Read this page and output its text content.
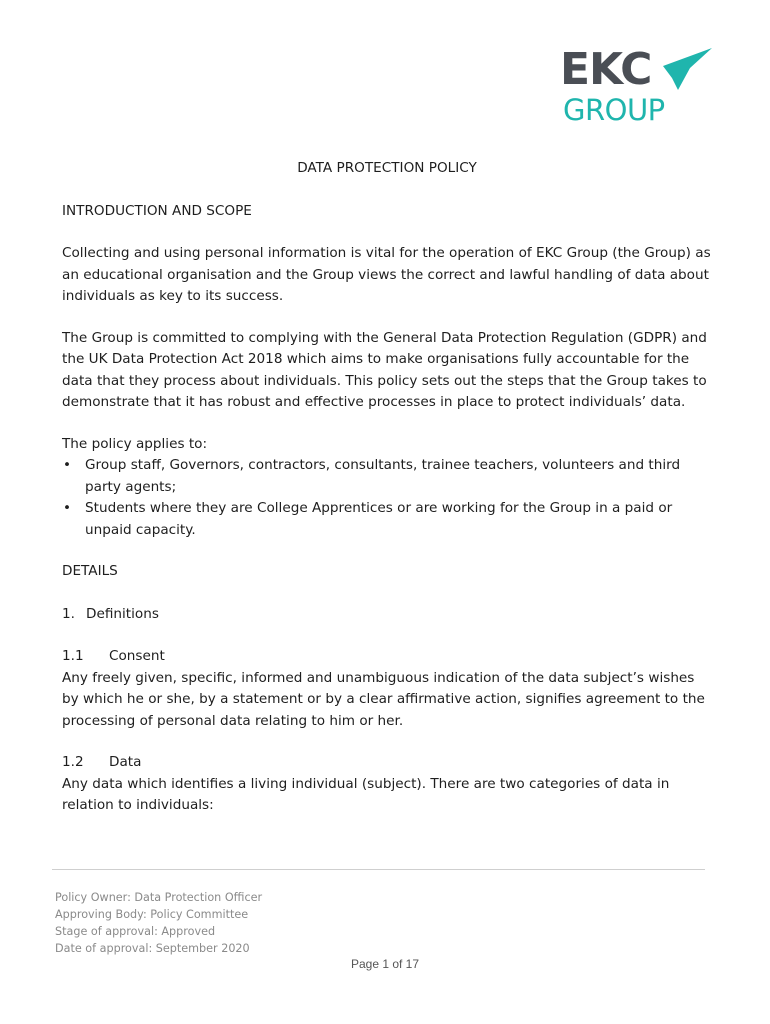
EKC
GROUP
DATA PROTECTION POLICY
INTRODUCTION AND SCOPE

Collecting and using personal information is vital for the operation of EKC Group (the Group) as an educational organisation and the Group views the correct and lawful handling of data about individuals as key to its success.

The Group is committed to complying with the General Data Protection Regulation (GDPR) and the UK Data Protection Act 2018 which aims to make organisations fully accountable for the data that they process about individuals. This policy sets out the steps that the Group takes to demonstrate that it has robust and effective processes in place to protect individuals’ data.

The policy applies to:

• Group staff, Governors, contractors, consultants, trainee teachers, volunteers and third party agents;
• Students where they are College Apprentices or are working for the Group in a paid or unpaid capacity.
DETAILS
1. Definitions
1.1	Consent

Any freely given, specific, informed and unambiguous indication of the data subject’s wishes by which he or she, by a statement or by a clear affirmative action, signifies agreement to the processing of personal data relating to him or her.

1.2	Data

Any data which identifies a living individual (subject). There are two categories of data in relation to individuals:

Policy Owner: Data Protection Officer
Approving Body: Policy Committee
Stage of approval: Approved
Date of approval: September 2020
Page 1 of 17
